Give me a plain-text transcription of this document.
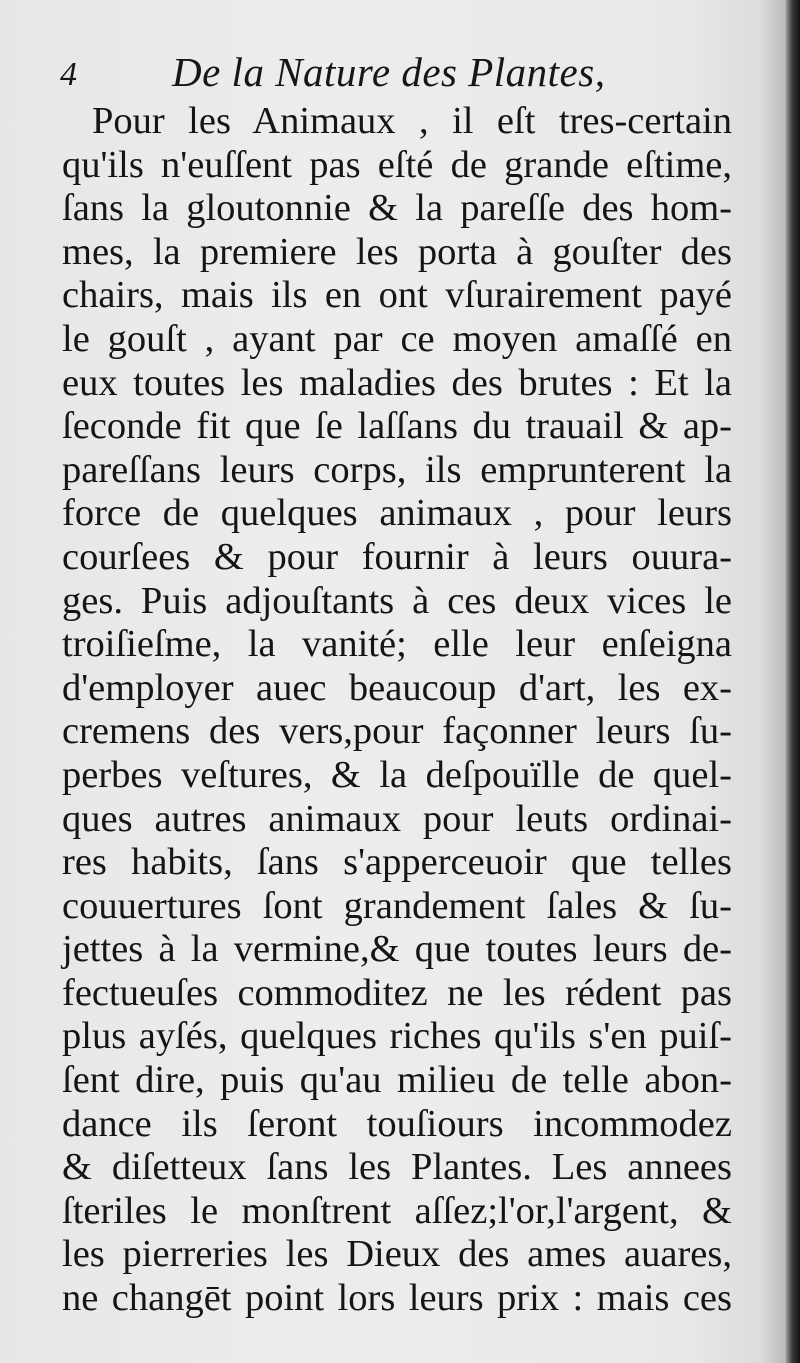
4 De la Nature des Plantes,
Pour les Animaux , il eſt tres-certain
qu'ils n'euſſent pas eſté de grande eſtime,
ſans la gloutonnie & la pareſſe des hom-
mes, la premiere les porta à gouſter des
chairs, mais ils en ont vſurairement payé
le gouſt , ayant par ce moyen amaſſé en
eux toutes les maladies des brutes : Et la
ſeconde fit que ſe laſſans du trauail & ap-
pareſſans leurs corps, ils emprunterent la
force de quelques animaux , pour leurs
courſees & pour fournir à leurs ouura-
ges. Puis adjouſtants à ces deux vices le
troiſieſme, la vanité; elle leur enſeigna
d'employer auec beaucoup d'art, les ex-
cremens des vers,pour façonner leurs ſu-
perbes veſtures, & la deſpouïlle de quel-
ques autres animaux pour leuts ordinai-
res habits, ſans s'apperceuoir que telles
couuertures ſont grandement ſales & ſu-
jettes à la vermine,& que toutes leurs de-
fectueuſes commoditez ne les rédent pas
plus ayſés, quelques riches qu'ils s'en puiſ-
ſent dire, puis qu'au milieu de telle abon-
dance ils ſeront touſiours incommodez
& diſetteux ſans les Plantes. Les annees
ſteriles le monſtrent aſſez;l'or,l'argent, &
les pierreries les Dieux des ames auares,
ne changēt point lors leurs prix : mais ces
